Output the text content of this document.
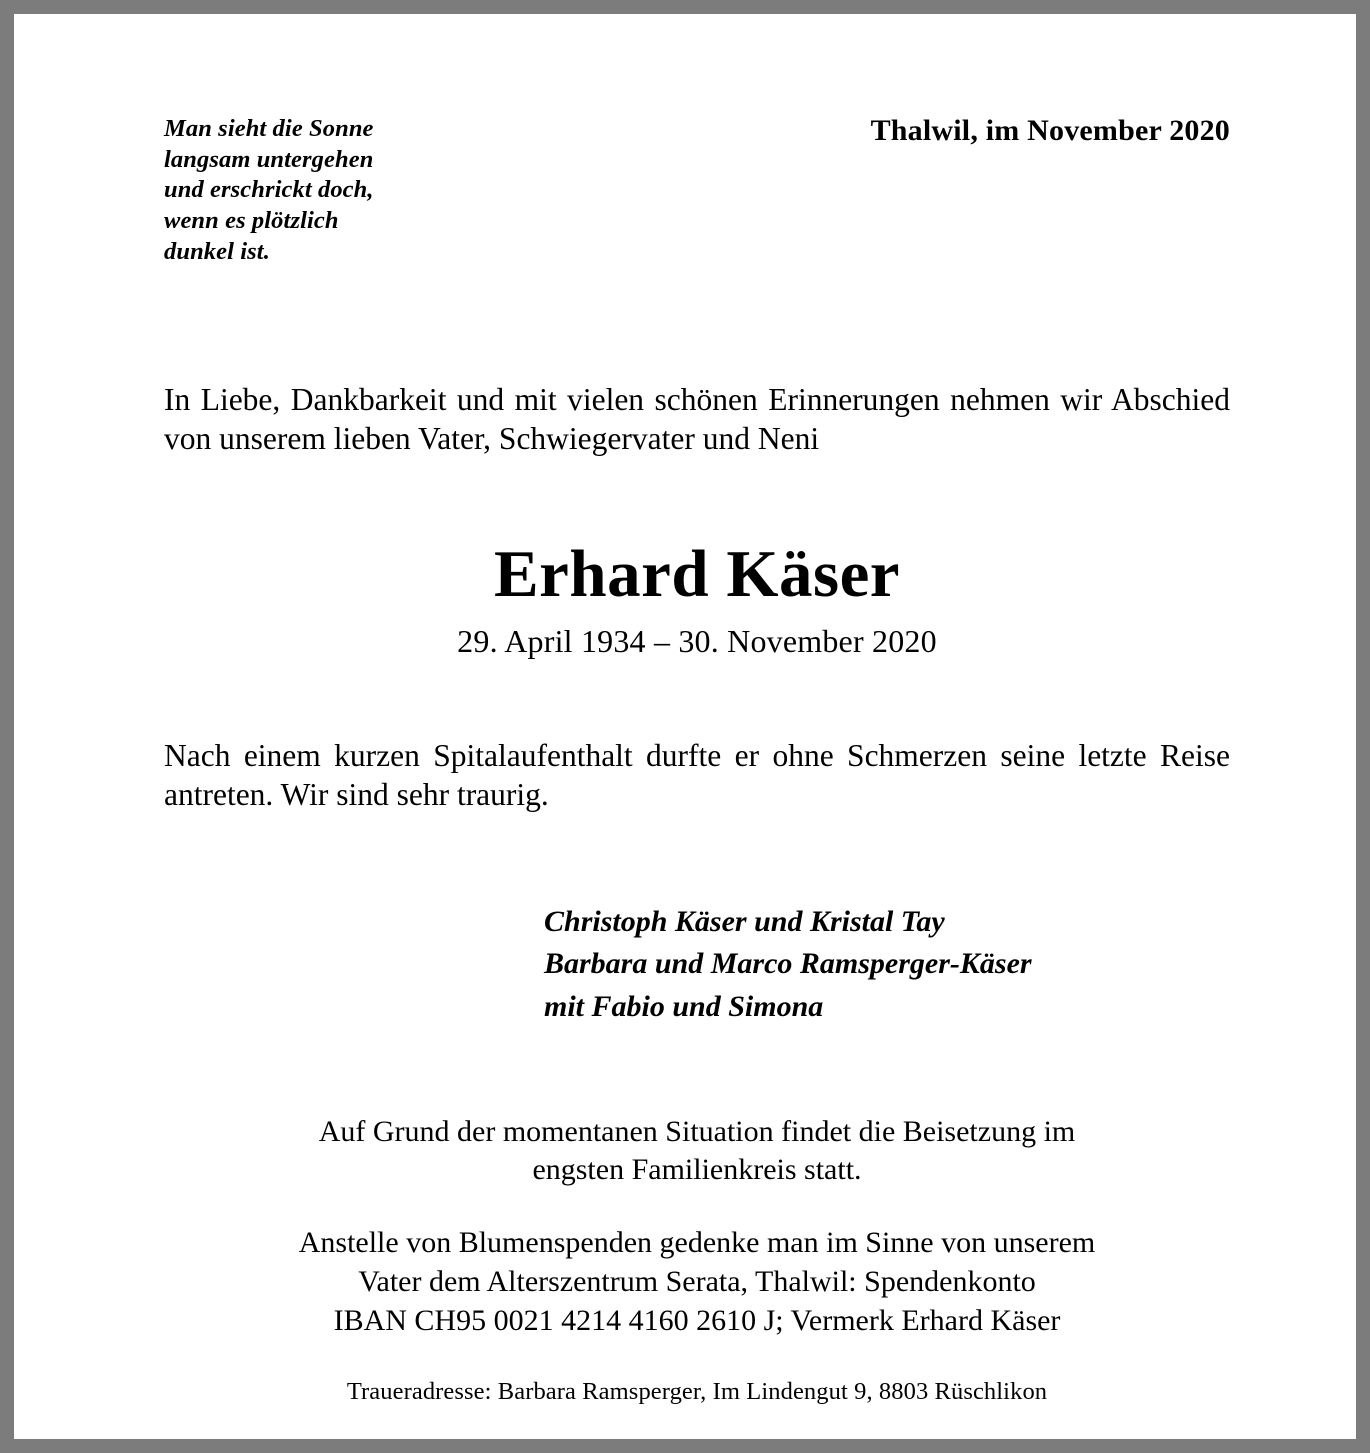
Man sieht die Sonne
langsam untergehen
und erschrickt doch,
wenn es plötzlich
dunkel ist.
Thalwil, im November 2020

In Liebe, Dankbarkeit und mit vielen schönen Erinnerungen nehmen wir Abschied von unserem lieben Vater, Schwiegervater und Neni

Erhard Käser
29. April 1934 – 30. November 2020

Nach einem kurzen Spitalaufenthalt durfte er ohne Schmerzen seine letzte Reise antreten. Wir sind sehr traurig.

Christoph Käser und Kristal Tay
Barbara und Marco Ramsperger-Käser
mit Fabio und Simona
Auf Grund der momentanen Situation findet die Beisetzung im
engsten Familienkreis statt.
Anstelle von Blumenspenden gedenke man im Sinne von unserem
Vater dem Alterszentrum Serata, Thalwil: Spendenkonto
IBAN CH95 0021 4214 4160 2610 J; Vermerk Erhard Käser
Traueradresse: Barbara Ramsperger, Im Lindengut 9, 8803 Rüschlikon
